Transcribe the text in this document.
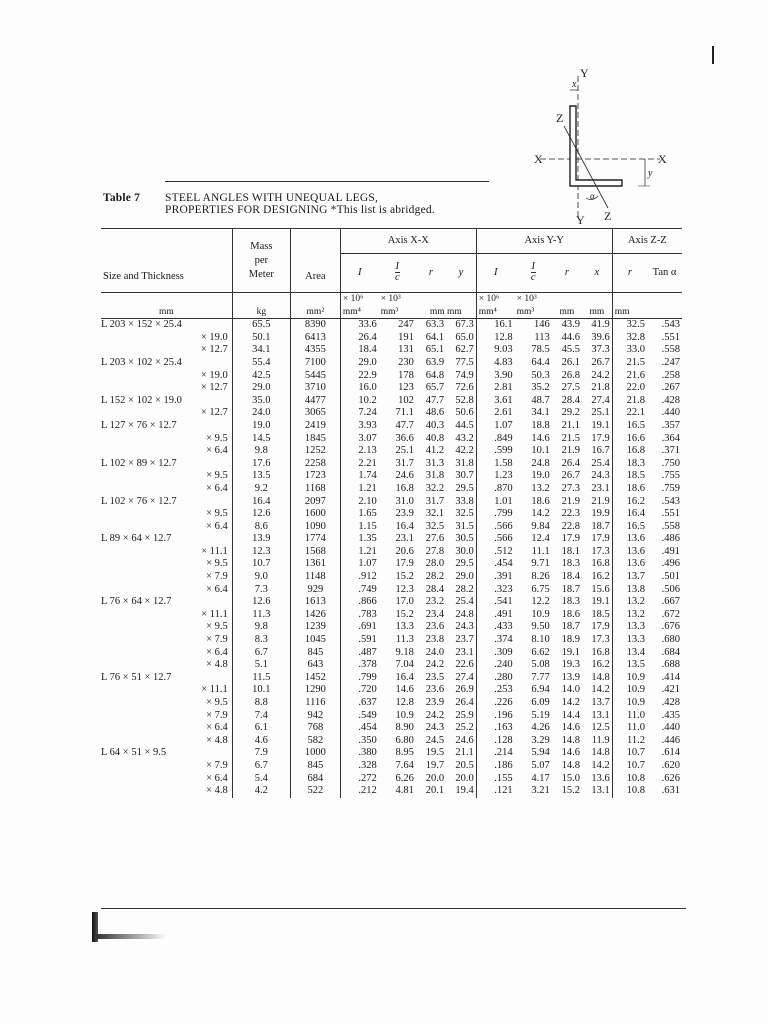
Y
x
Z
X	X
y
α
Y Z
Table 7 STEEL ANGLES WITH UNEQUAL LEGS,
PROPERTIES FOR DESIGNING *This list is abridged.
Size and Thickness	Mass
per
Meter	Area	Axis X-X				Axis Y-Y				Axis Z-Z	
			I	$\frac{I}{c}$	r	y	I	$\frac{I}{c}$	r	x	r	Tan α
mm	kg	mm²	× 10⁶
mm⁴	× 10³
mm³	mm mm		× 10⁶
mm⁴	× 10³
mm³	mm	mm	mm	
L 203 × 152 × 25.4	65.5	8390	33.6	247	63.3	67.3	16.1	146	43.9	41.9	32.5	.543
× 19.0	50.1	6413	26.4	191	64.1	65.0	12.8	113	44.6	39.6	32.8	.551
× 12.7	34.1	4355	18.4	131	65.1	62.7	9.03	78.5	45.5	37.3	33.0	.558
L 203 × 102 × 25.4	55.4	7100	29.0	230	63.9	77.5	4.83	64.4	26.1	26.7	21.5	.247
× 19.0	42.5	5445	22.9	178	64.8	74.9	3.90	50.3	26.8	24.2	21.6	.258
× 12.7	29.0	3710	16.0	123	65.7	72.6	2.81	35.2	27.5	21.8	22.0	.267
L 152 × 102 × 19.0	35.0	4477	10.2	102	47.7	52.8	3.61	48.7	28.4	27.4	21.8	.428
× 12.7	24.0	3065	7.24	71.1	48.6	50.6	2.61	34.1	29.2	25.1	22.1	.440
L 127 × 76 × 12.7	19.0	2419	3.93	47.7	40.3	44.5	1.07	18.8	21.1	19.1	16.5	.357
× 9.5	14.5	1845	3.07	36.6	40.8	43.2	.849	14.6	21.5	17.9	16.6	.364
× 6.4	9.8	1252	2.13	25.1	41.2	42.2	.599	10.1	21.9	16.7	16.8	.371
L 102 × 89 × 12.7	17.6	2258	2.21	31.7	31.3	31.8	1.58	24.8	26.4	25.4	18.3	.750
× 9.5	13.5	1723	1.74	24.6	31.8	30.7	1.23	19.0	26.7	24.3	18.5	.755
× 6.4	9.2	1168	1.21	16.8	32.2	29.5	.870	13.2	27.3	23.1	18.6	.759
L 102 × 76 × 12.7	16.4	2097	2.10	31.0	31.7	33.8	1.01	18.6	21.9	21.9	16.2	.543
× 9.5	12.6	1600	1.65	23.9	32.1	32.5	.799	14.2	22.3	19.9	16.4	.551
× 6.4	8.6	1090	1.15	16.4	32.5	31.5	.566	9.84	22.8	18.7	16.5	.558
L 89 × 64 × 12.7	13.9	1774	1.35	23.1	27.6	30.5	.566	12.4	17.9	17.9	13.6	.486
× 11.1	12.3	1568	1.21	20.6	27.8	30.0	.512	11.1	18.1	17.3	13.6	.491
× 9.5	10.7	1361	1.07	17.9	28.0	29.5	.454	9.71	18.3	16.8	13.6	.496
× 7.9	9.0	1148	.912	15.2	28.2	29.0	.391	8.26	18.4	16.2	13.7	.501
× 6.4	7.3	929	.749	12.3	28.4	28.2	.323	6.75	18.7	15.6	13.8	.506
L 76 × 64 × 12.7	12.6	1613	.866	17.0	23.2	25.4	.541	12.2	18.3	19.1	13.2	.667
× 11.1	11.3	1426	.783	15.2	23.4	24.8	.491	10.9	18.6	18.5	13.2	.672
× 9.5	9.8	1239	.691	13.3	23.6	24.3	.433	9.50	18.7	17.9	13.3	.676
× 7.9	8.3	1045	.591	11.3	23.8	23.7	.374	8.10	18.9	17.3	13.3	.680
× 6.4	6.7	845	.487	9.18	24.0	23.1	.309	6.62	19.1	16.8	13.4	.684
× 4.8	5.1	643	.378	7.04	24.2	22.6	.240	5.08	19.3	16.2	13.5	.688
L 76 × 51 × 12.7	11.5	1452	.799	16.4	23.5	27.4	.280	7.77	13.9	14.8	10.9	.414
× 11.1	10.1	1290	.720	14.6	23.6	26.9	.253	6.94	14.0	14.2	10.9	.421
× 9.5	8.8	1116	.637	12.8	23.9	26.4	.226	6.09	14.2	13.7	10.9	.428
× 7.9	7.4	942	.549	10.9	24.2	25.9	.196	5.19	14.4	13.1	11.0	.435
× 6.4	6.1	768	.454	8.90	24.3	25.2	.163	4.26	14.6	12.5	11.0	.440
× 4.8	4.6	582	.350	6.80	24.5	24.6	.128	3.29	14.8	11.9	11.2	.446
L 64 × 51 × 9.5	7.9	1000	.380	8.95	19.5	21.1	.214	5.94	14.6	14.8	10.7	.614
× 7.9	6.7	845	.328	7.64	19.7	20.5	.186	5.07	14.8	14.2	10.7	.620
× 6.4	5.4	684	.272	6.26	20.0	20.0	.155	4.17	15.0	13.6	10.8	.626
× 4.8	4.2	522	.212	4.81	20.1	19.4	.121	3.21	15.2	13.1	10.8	.631
